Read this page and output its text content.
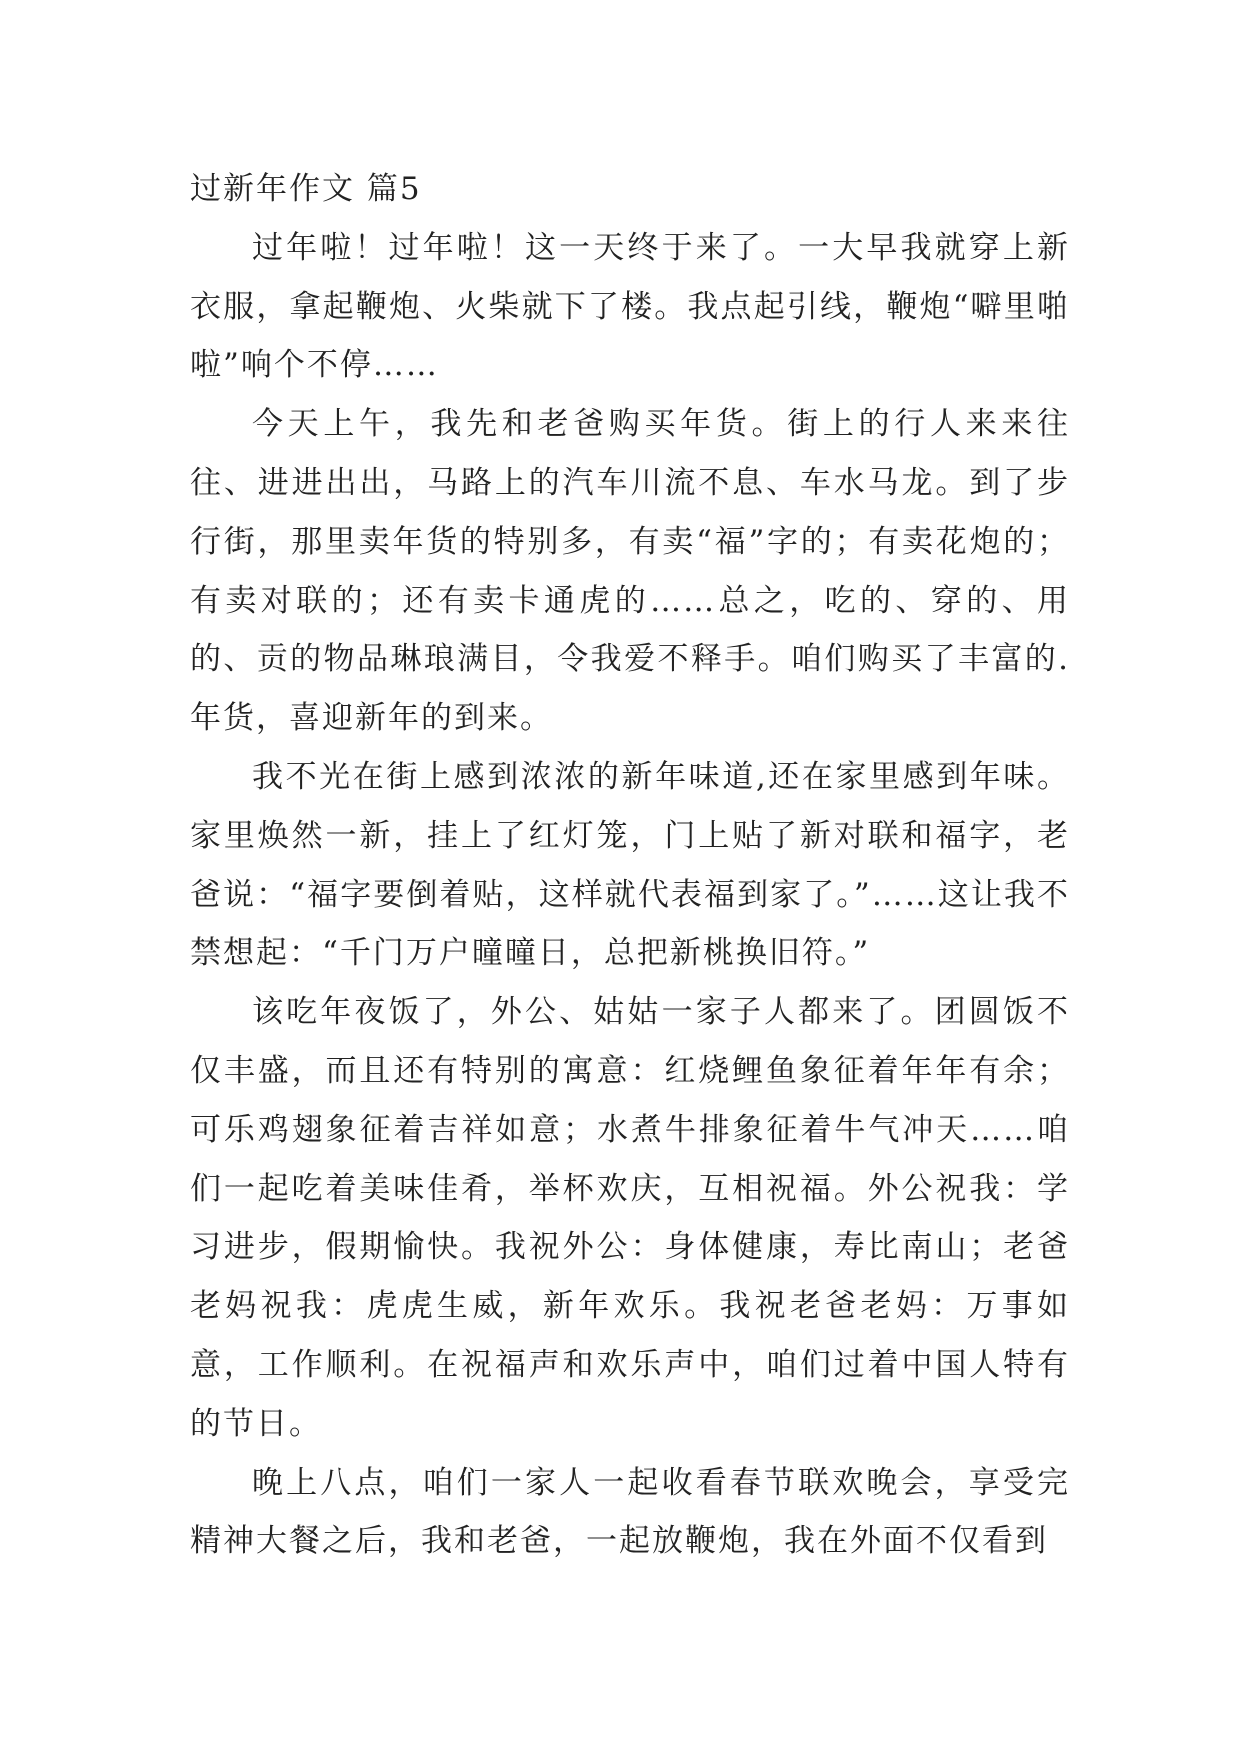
过新年作文 篇5

过年啦！过年啦！这一天终于来了。一大早我就穿上新衣服，拿起鞭炮、火柴就下了楼。我点起引线，鞭炮“噼里啪啦”响个不停……

今天上午，我先和老爸购买年货。街上的行人来来往往、进进出出，马路上的汽车川流不息、车水马龙。到了步行街，那里卖年货的特别多，有卖“福”字的；有卖花炮的；有卖对联的；还有卖卡通虎的……总之，吃的、穿的、用的、贡的物品琳琅满目，令我爱不释手。咱们购买了丰富的.年货，喜迎新年的到来。

我不光在街上感到浓浓的新年味道,还在家里感到年味。家里焕然一新，挂上了红灯笼，门上贴了新对联和福字，老爸说：“福字要倒着贴，这样就代表福到家了。”……这让我不禁想起：“千门万户曈曈日，总把新桃换旧符。”

该吃年夜饭了，外公、姑姑一家子人都来了。团圆饭不仅丰盛，而且还有特别的寓意：红烧鲤鱼象征着年年有余；可乐鸡翅象征着吉祥如意；水煮牛排象征着牛气冲天……咱们一起吃着美味佳肴，举杯欢庆，互相祝福。外公祝我：学习进步，假期愉快。我祝外公：身体健康，寿比南山；老爸老妈祝我：虎虎生威，新年欢乐。我祝老爸老妈：万事如意，工作顺利。在祝福声和欢乐声中，咱们过着中国人特有的节日。

晚上八点，咱们一家人一起收看春节联欢晚会，享受完精神大餐之后，我和老爸，一起放鞭炮，我在外面不仅看到
